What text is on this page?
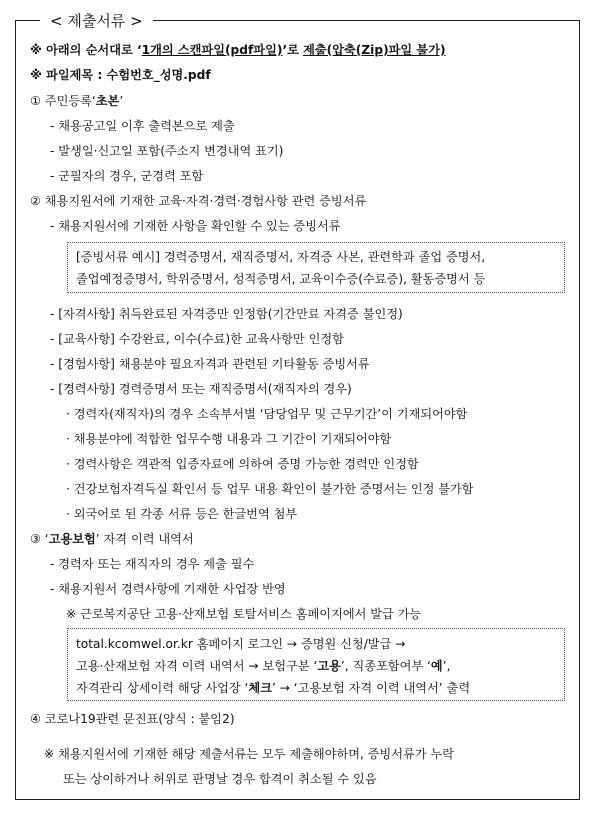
< 제출서류 >
※ 아래의 순서대로 ‘1개의 스캔파일(pdf파일)’로 제출(압축(Zip)파일 불가)
※ 파일제목 : 수험번호_성명.pdf
① 주민등록‘초본’
- 채용공고일 이후 출력본으로 제출
- 발생일·신고일 포함(주소지 변경내역 표기)
- 군필자의 경우, 군경력 포함
② 채용지원서에 기재한 교육·자격·경력·경험사항 관련 증빙서류
- 채용지원서에 기재한 사항을 확인할 수 있는 증빙서류
[증빙서류 예시] 경력증명서, 재직증명서, 자격증 사본, 관련학과 졸업 증명서,
졸업예정증명서, 학위증명서, 성적증명서, 교육이수증(수료증), 활동증명서 등
- [자격사항] 취득완료된 자격증만 인정함(기간만료 자격증 불인정)
- [교육사항] 수강완료, 이수(수료)한 교육사항만 인정함
- [경험사항] 채용분야 필요자격과 관련된 기타활동 증빙서류
- [경력사항] 경력증명서 또는 재직증명서(재직자의 경우)
· 경력자(재직자)의 경우 소속부서별 ‘담당업무 및 근무기간’이 기재되어야함
· 채용분야에 적합한 업무수행 내용과 그 기간이 기재되어야함
· 경력사항은 객관적 입증자료에 의하여 증명 가능한 경력만 인정함
· 건강보험자격득실 확인서 등 업무 내용 확인이 불가한 증명서는 인정 불가함
· 외국어로 된 각종 서류 등은 한글번역 첨부
③ ‘고용보험’ 자격 이력 내역서
- 경력자 또는 재직자의 경우 제출 필수
- 채용지원서 경력사항에 기재한 사업장 반영
※ 근로복지공단 고용·산재보험 토탈서비스 홈페이지에서 발급 가능
total.kcomwel.or.kr 홈페이지 로그인 → 증명원 신청/발급 →
고용·산재보험 자격 이력 내역서 → 보험구분 ‘고용’, 직종포함여부 ‘예’,
자격관리 상세이력 해당 사업장 ‘체크’ → ‘고용보험 자격 이력 내역서’ 출력
④ 코로나19관련 문진표(양식 : 붙임2)
※ 채용지원서에 기재한 해당 제출서류는 모두 제출해야하며, 증빙서류가 누락
또는 상이하거나 허위로 판명날 경우 합격이 취소될 수 있음
